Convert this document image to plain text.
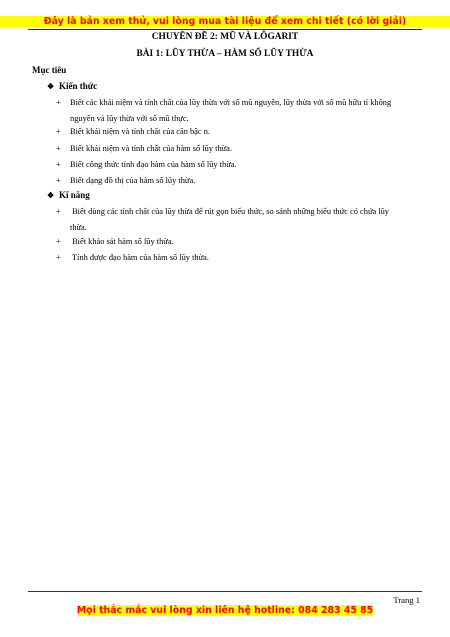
Đây là bản xem thử, vui lòng mua tài liệu để xem chi tiết (có lời giải)
CHUYÊN ĐỀ 2: MŨ VÀ LÔGARIT
BÀI 1: LŨY THỪA – HÀM SỐ LŨY THỪA
Mục tiêu
❖ Kiến thức
+ Biết các khái niệm và tính chất của lũy thừa với số mũ nguyên, lũy thừa với số mũ hữu tỉ không
nguyên và lũy thừa với số mũ thực.
+ Biết khái niệm và tính chất của căn bậc n.
+ Biết khái niệm và tính chất của hàm số lũy thừa.
+ Biết công thức tính đạo hàm của hàm số lũy thừa.
+ Biết dạng đồ thị của hàm số lũy thừa.
❖ Kĩ năng
+ Biết dùng các tính chất của lũy thừa để rút gọn biểu thức, so sánh những biểu thức có chứa lũy
thừa.
+ Biết khảo sát hàm số lũy thừa.
+ Tính được đạo hàm của hàm số lũy thừa.
Trang 1
Mọi thắc mắc vui lòng xin liên hệ hotline: 084 283 45 85
